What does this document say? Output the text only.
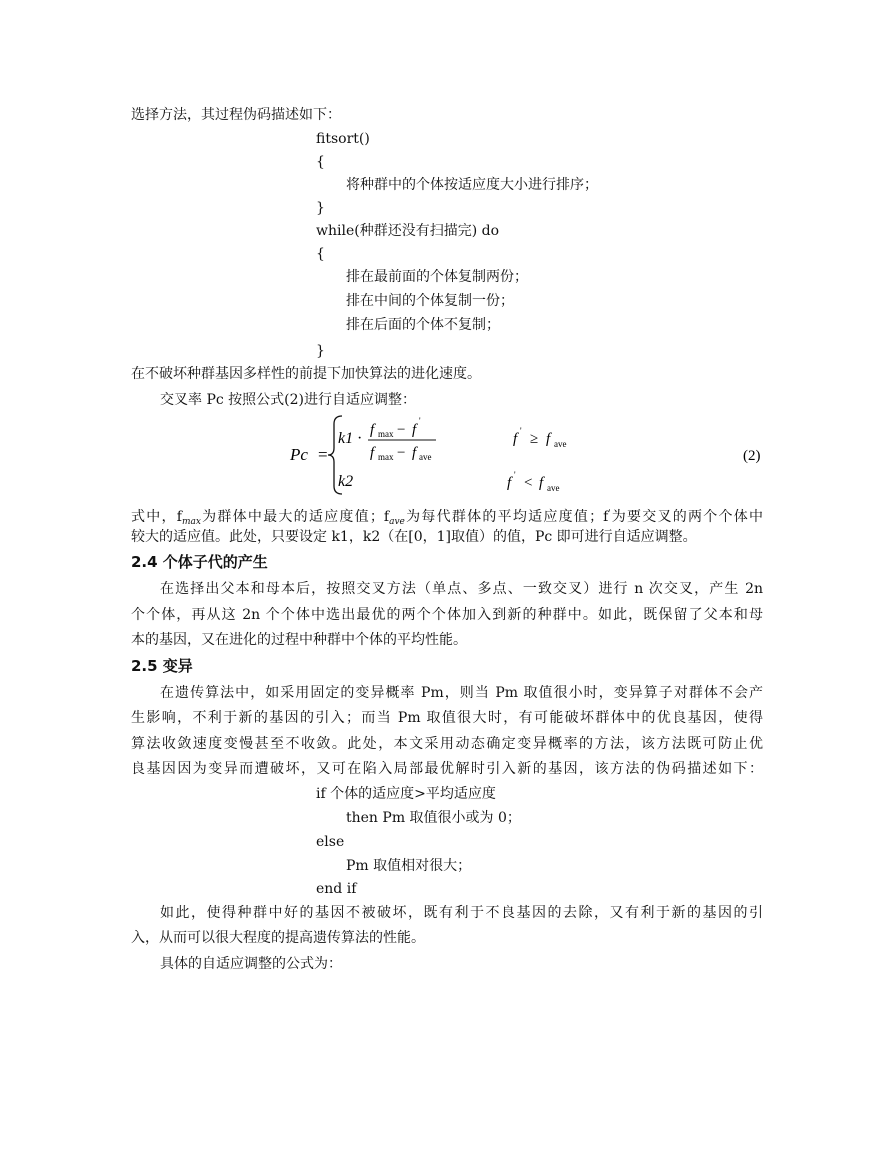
选择方法，其过程伪码描述如下：
fitsort()
{
将种群中的个体按适应度大小进行排序；
}
while(种群还没有扫描完) do
{
排在最前面的个体复制两份；
排在中间的个体复制一份；
排在后面的个体不复制；
}
在不破坏种群基因多样性的前提下加快算法的进化速度。
交叉率 Pc 按照公式(2)进行自适应调整：
Pc =
k1 · f max − f
'
f max − f ave
f ' ≥ f ave
k2	f ' < f ave
(2)
式中，$f_{max}$为群体中最大的适应度值；$f_{ave}$为每代群体的平均适应度值；f'为要交叉的两个个体中
较大的适应值。此处，只要设定 k1，k2（在[0，1]取值）的值，Pc 即可进行自适应调整。
2.4 个体子代的产生
在选择出父本和母本后，按照交叉方法（单点、多点、一致交叉）进行 n 次交叉，产生 2n
个个体，再从这 2n 个个体中选出最优的两个个体加入到新的种群中。如此，既保留了父本和母
本的基因，又在进化的过程中种群中个体的平均性能。
2.5 变异
在遗传算法中，如采用固定的变异概率 Pm，则当 Pm 取值很小时，变异算子对群体不会产
生影响，不利于新的基因的引入；而当 Pm 取值很大时，有可能破坏群体中的优良基因，使得
算法收敛速度变慢甚至不收敛。此处，本文采用动态确定变异概率的方法，该方法既可防止优
良基因因为变异而遭破坏，又可在陷入局部最优解时引入新的基因，该方法的伪码描述如下：
if 个体的适应度>平均适应度
then Pm 取值很小或为 0；
else
Pm 取值相对很大；
end if
如此，使得种群中好的基因不被破坏，既有利于不良基因的去除，又有利于新的基因的引
入，从而可以很大程度的提高遗传算法的性能。
具体的自适应调整的公式为：
